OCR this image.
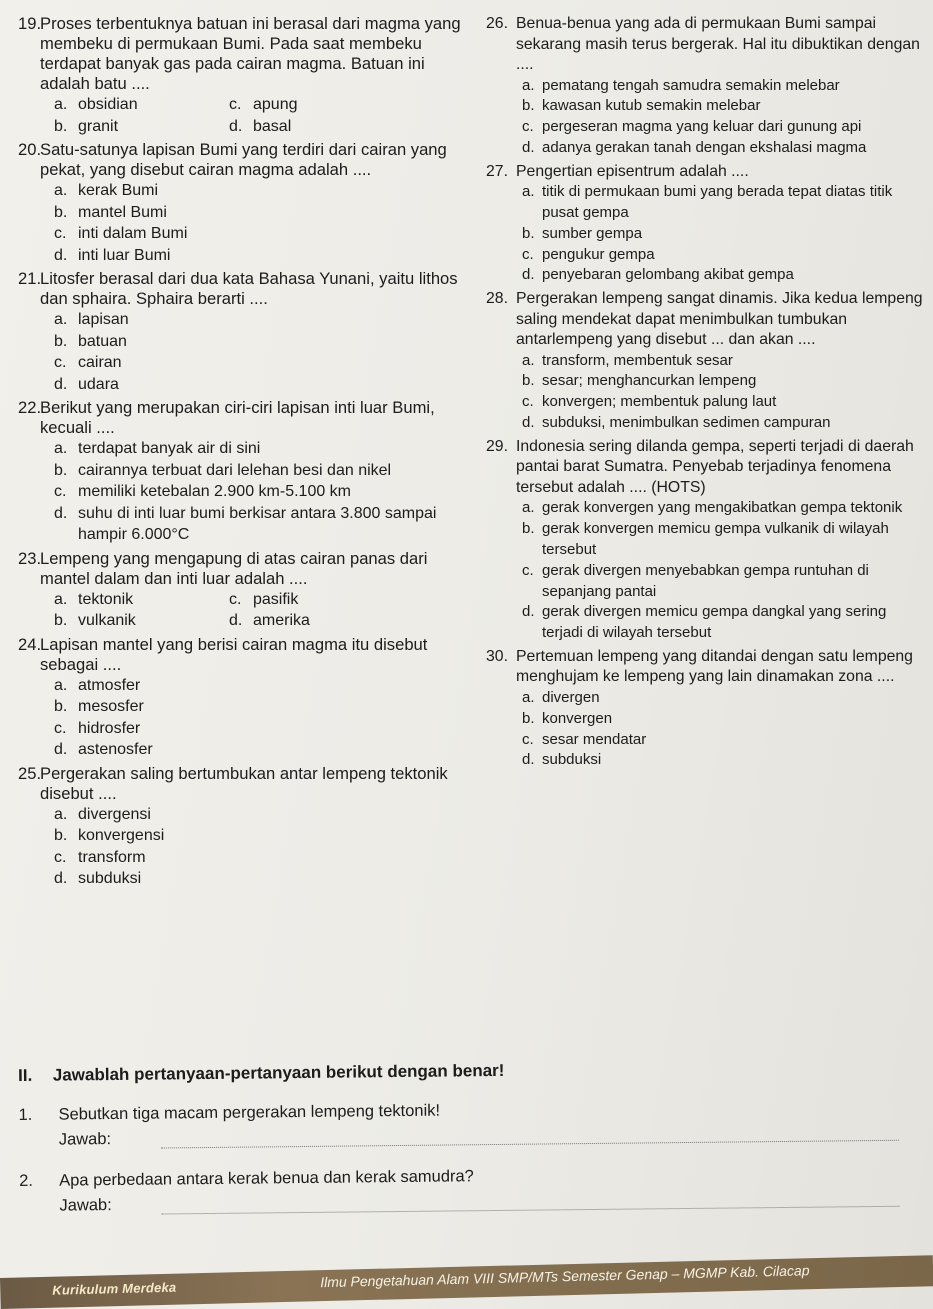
19.
Proses terbentuknya batuan ini berasal dari magma yang membeku di permukaan Bumi. Pada saat membeku terdapat banyak gas pada cairan magma. Batuan ini adalah batu ....
a. obsidian	c. apung
b. granit	d. basal
20.
Satu-satunya lapisan Bumi yang terdiri dari cairan yang pekat, yang disebut cairan magma adalah ....
a. kerak Bumi
b. mantel Bumi
c. inti dalam Bumi
d. inti luar Bumi
21.
Litosfer berasal dari dua kata Bahasa Yunani, yaitu lithos dan sphaira. Sphaira berarti ....
a. lapisan
b. batuan
c. cairan
d. udara
22.
Berikut yang merupakan ciri-ciri lapisan inti luar Bumi, kecuali ....
a. terdapat banyak air di sini
b. cairannya terbuat dari lelehan besi dan nikel
c. memiliki ketebalan 2.900 km-5.100 km
d. suhu di inti luar bumi berkisar antara 3.800 sampai hampir 6.000°C
23.
Lempeng yang mengapung di atas cairan panas dari mantel dalam dan inti luar adalah ....
a. tektonik	c. pasifik
b. vulkanik	d. amerika
24.
Lapisan mantel yang berisi cairan magma itu disebut sebagai ....
a. atmosfer
b. mesosfer
c. hidrosfer
d. astenosfer
25.
Pergerakan saling bertumbukan antar lempeng tektonik disebut ....
a. divergensi
b. konvergensi
c. transform
d. subduksi
26. Benua-benua yang ada di permukaan Bumi sampai sekarang masih terus bergerak. Hal itu dibuktikan dengan ....
a. pematang tengah samudra semakin melebar
b. kawasan kutub semakin melebar
c. pergeseran magma yang keluar dari gunung api
d. adanya gerakan tanah dengan ekshalasi magma
27. Pengertian episentrum adalah ....
a. titik di permukaan bumi yang berada tepat diatas titik pusat gempa
b. sumber gempa
c. pengukur gempa
d. penyebaran gelombang akibat gempa
28. Pergerakan lempeng sangat dinamis. Jika kedua lempeng saling mendekat dapat menimbulkan tumbukan antarlempeng yang disebut ... dan akan ....
a. transform, membentuk sesar
b. sesar; menghancurkan lempeng
c. konvergen; membentuk palung laut
d. subduksi, menimbulkan sedimen campuran
29. Indonesia sering dilanda gempa, seperti terjadi di daerah pantai barat Sumatra. Penyebab terjadinya fenomena tersebut adalah .... (HOTS)
a. gerak konvergen yang mengakibatkan gempa tektonik
b. gerak konvergen memicu gempa vulkanik di wilayah tersebut
c. gerak divergen menyebabkan gempa runtuhan di sepanjang pantai
d. gerak divergen memicu gempa dangkal yang sering terjadi di wilayah tersebut
30. Pertemuan lempeng yang ditandai dengan satu lempeng menghujam ke lempeng yang lain dinamakan zona ....
a. divergen
b. konvergen
c. sesar mendatar
d. subduksi
II. Jawablah pertanyaan-pertanyaan berikut dengan benar!
1. Sebutkan tiga macam pergerakan lempeng tektonik!
Jawab:
2. Apa perbedaan antara kerak benua dan kerak samudra?
Jawab:
Kurikulum Merdeka	Ilmu Pengetahuan Alam VIII SMP/MTs Semester Genap – MGMP Kab. Cilacap
